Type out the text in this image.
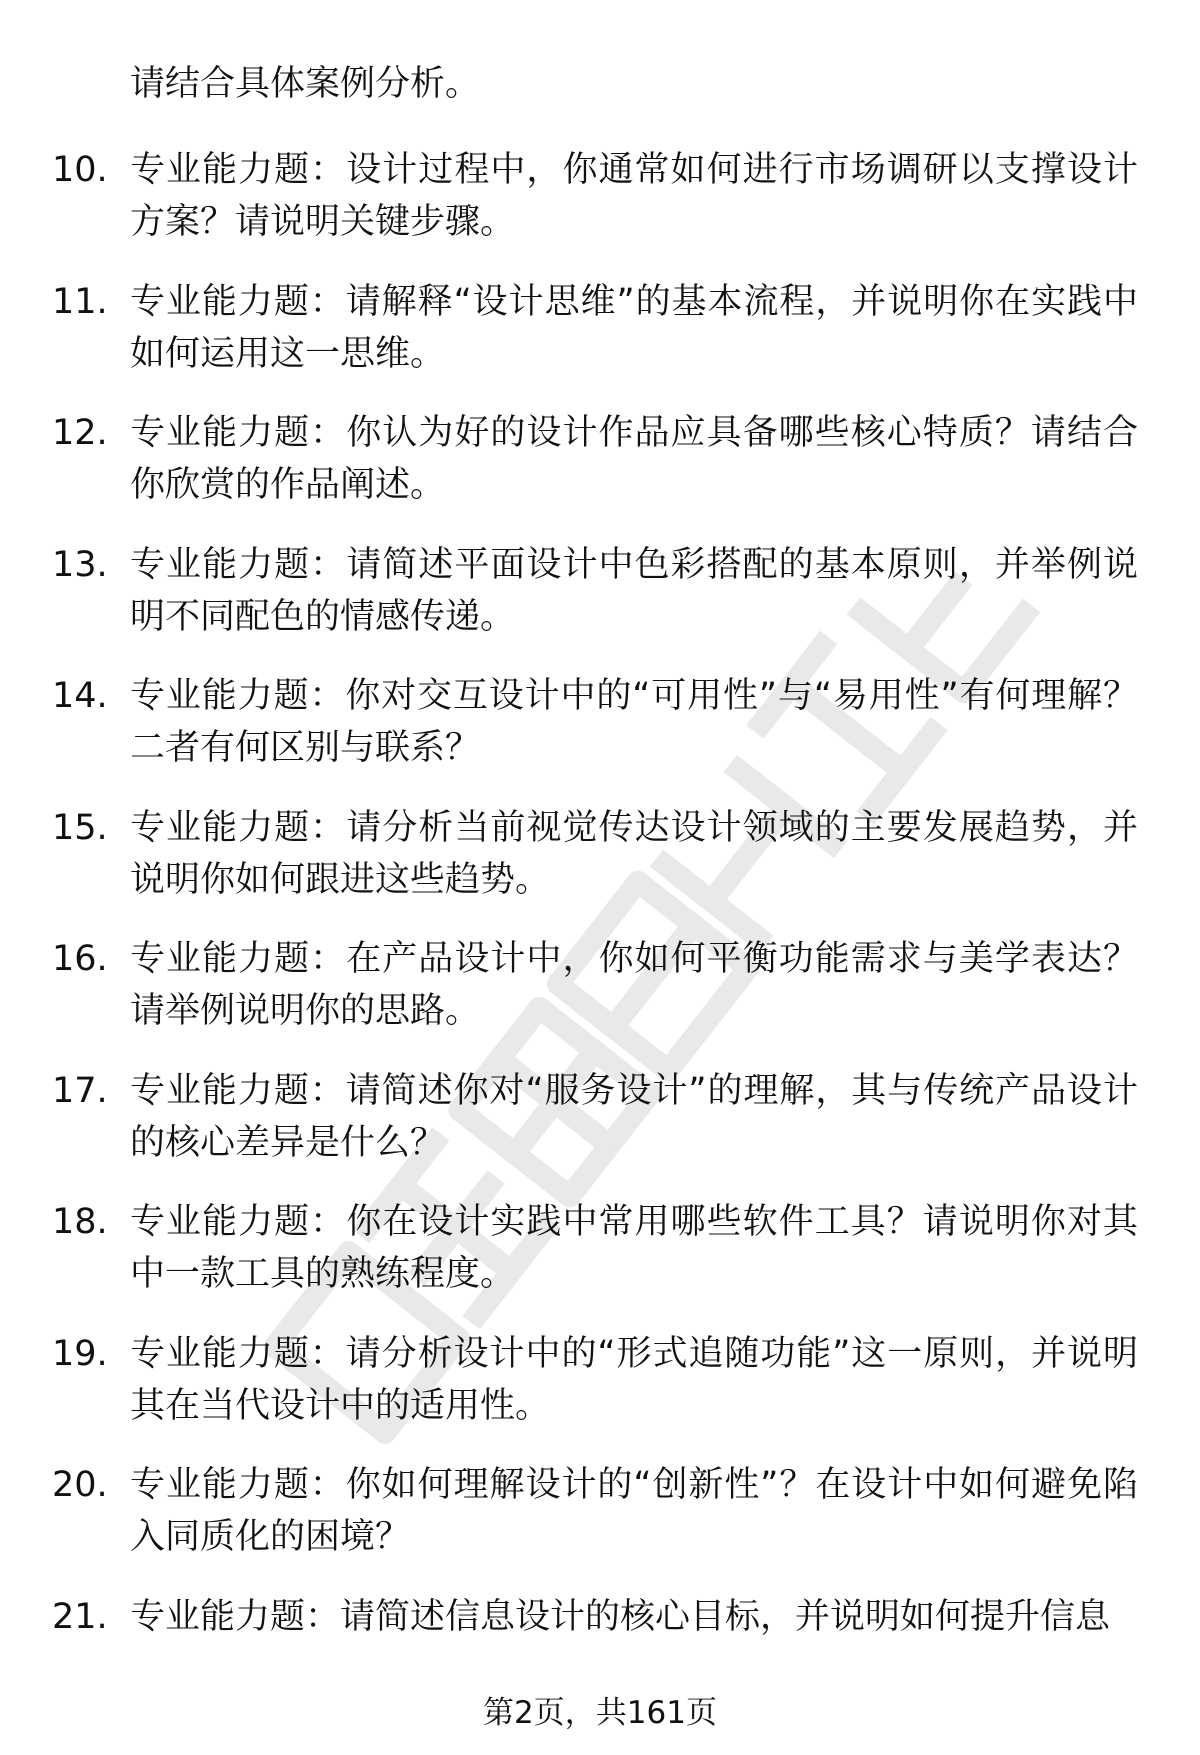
请结合具体案例分析。
10. 专业能力题：设计过程中，你通常如何进行市场调研以支撑设计方案？请说明关键步骤。
11. 专业能力题：请解释“设计思维”的基本流程，并说明你在实践中如何运用这一思维。
12. 专业能力题：你认为好的设计作品应具备哪些核心特质？请结合你欣赏的作品阐述。
13. 专业能力题：请简述平面设计中色彩搭配的基本原则，并举例说明不同配色的情感传递。
14. 专业能力题：你对交互设计中的“可用性”与“易用性”有何理解？二者有何区别与联系？
15. 专业能力题：请分析当前视觉传达设计领域的主要发展趋势，并说明你如何跟进这些趋势。
16. 专业能力题：在产品设计中，你如何平衡功能需求与美学表达？请举例说明你的思路。
17. 专业能力题：请简述你对“服务设计”的理解，其与传统产品设计的核心差异是什么？
18. 专业能力题：你在设计实践中常用哪些软件工具？请说明你对其中一款工具的熟练程度。
19. 专业能力题：请分析设计中的“形式追随功能”这一原则，并说明其在当代设计中的适用性。
20. 专业能力题：你如何理解设计的“创新性”？在设计中如何避免陷入同质化的困境？
21. 专业能力题：请简述信息设计的核心目标，并说明如何提升信息
第2页，共161页
